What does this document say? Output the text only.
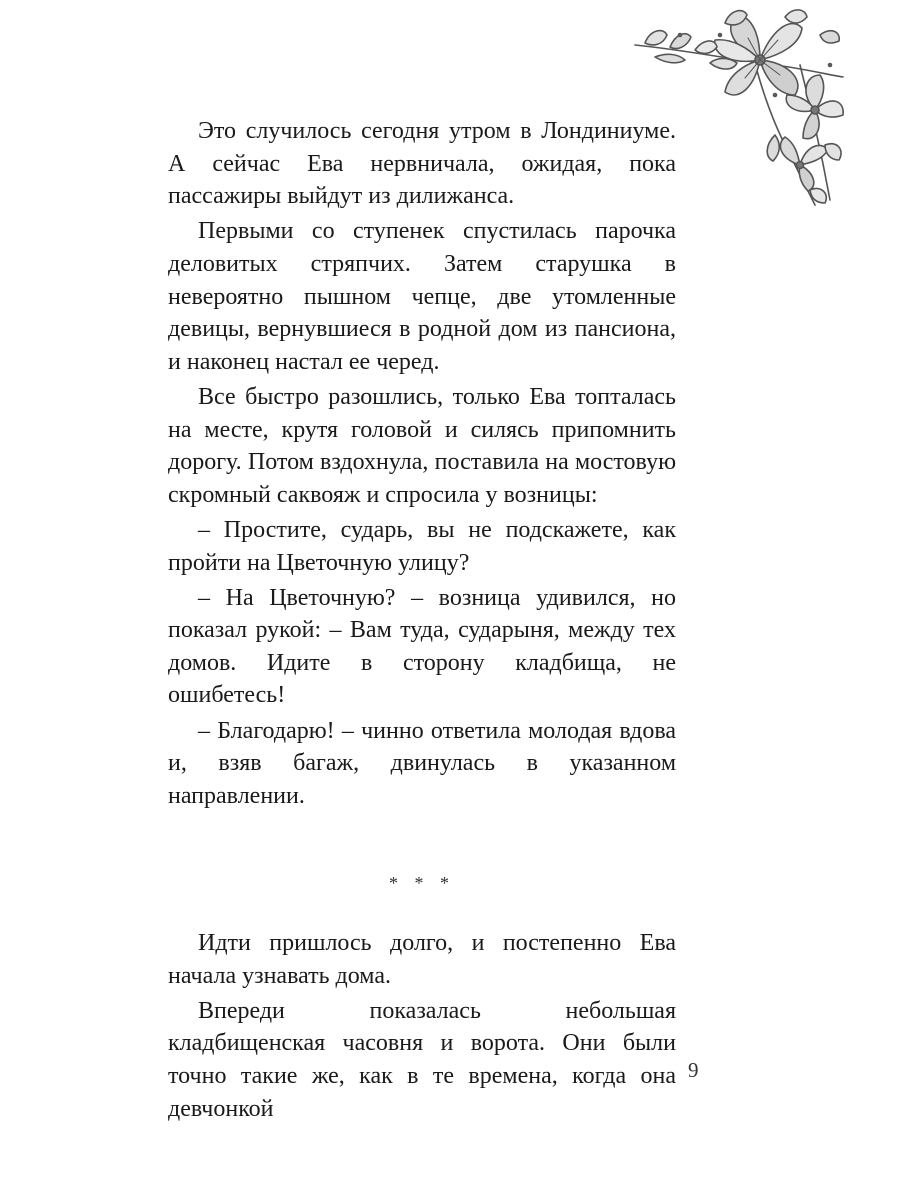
Это случилось сегодня утром в Лондиниуме. А сейчас Ева нервничала, ожидая, пока пассажиры выйдут из дилижанса.

Первыми со ступенек спустилась парочка деловитых стряпчих. Затем старушка в невероятно пышном чепце, две утомленные девицы, вернувшиеся в родной дом из пансиона, и наконец настал ее черед.

Все быстро разошлись, только Ева топталась на месте, крутя головой и силясь припомнить дорогу. Потом вздохнула, поставила на мостовую скромный саквояж и спросила у возницы:

– Простите, сударь, вы не подскажете, как пройти на Цветочную улицу?

– На Цветочную? – возница удивился, но показал рукой: – Вам туда, сударыня, между тех домов. Идите в сторону кладбища, не ошибетесь!

– Благодарю! – чинно ответила молодая вдова и, взяв багаж, двинулась в указанном направлении.

* * *

Идти пришлось долго, и постепенно Ева начала узнавать дома.

Впереди показалась небольшая кладбищенская часовня и ворота. Они были точно такие же, как в те времена, когда она девчонкой

9
